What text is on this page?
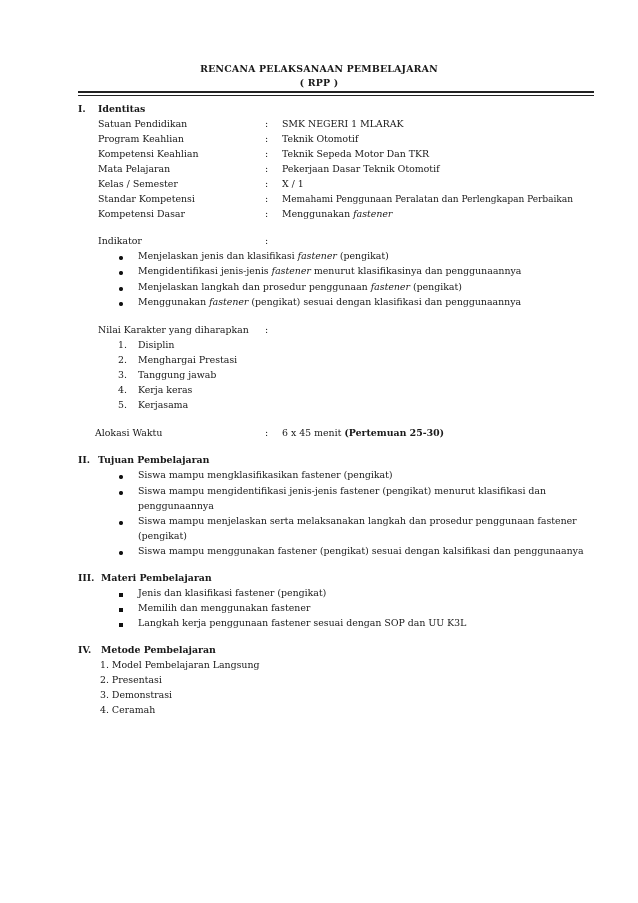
RENCANA PELAKSANAAN PEMBELAJARAN
( RPP )
I. Identitas
Satuan Pendidikan	: SMK NEGERI 1 MLARAK
Program Keahlian	: Teknik Otomotif
Kompetensi Keahlian	: Teknik Sepeda Motor Dan TKR
Mata Pelajaran	: Pekerjaan Dasar Teknik Otomotif
Kelas / Semester	: X / 1
Standar Kompetensi	: Memahami Penggunaan Peralatan dan Perlengkapan Perbaikan
Kompetensi Dasar	: Menggunakan fastener
Indikator	:
Menjelaskan jenis dan klasifikasi fastener (pengikat)
Mengidentifikasi jenis-jenis fastener menurut klasifikasinya dan penggunaannya
Menjelaskan langkah dan prosedur penggunaan fastener (pengikat)
Menggunakan fastener (pengikat) sesuai dengan klasifikasi dan penggunaannya
Nilai Karakter yang diharapkan :
1. Disiplin
2. Menghargai Prestasi
3. Tanggung jawab
4. Kerja keras
5. Kerjasama
Alokasi Waktu	: 6 x 45 menit (Pertemuan 25-30)
II. Tujuan Pembelajaran
Siswa mampu mengklasifikasikan fastener (pengikat)
Siswa mampu mengidentifikasi jenis-jenis fastener (pengikat) menurut klasifikasi dan
penggunaannya
Siswa mampu menjelaskan serta melaksanakan langkah dan prosedur penggunaan fastener
(pengikat)
Siswa mampu menggunakan fastener (pengikat) sesuai dengan kalsifikasi dan penggunaanya
III. Materi Pembelajaran
Jenis dan klasifikasi fastener (pengikat)
Memilih dan menggunakan fastener
Langkah kerja penggunaan fastener sesuai dengan SOP dan UU K3L
IV. Metode Pembelajaran
1. Model Pembelajaran Langsung
2. Presentasi
3. Demonstrasi
4. Ceramah
